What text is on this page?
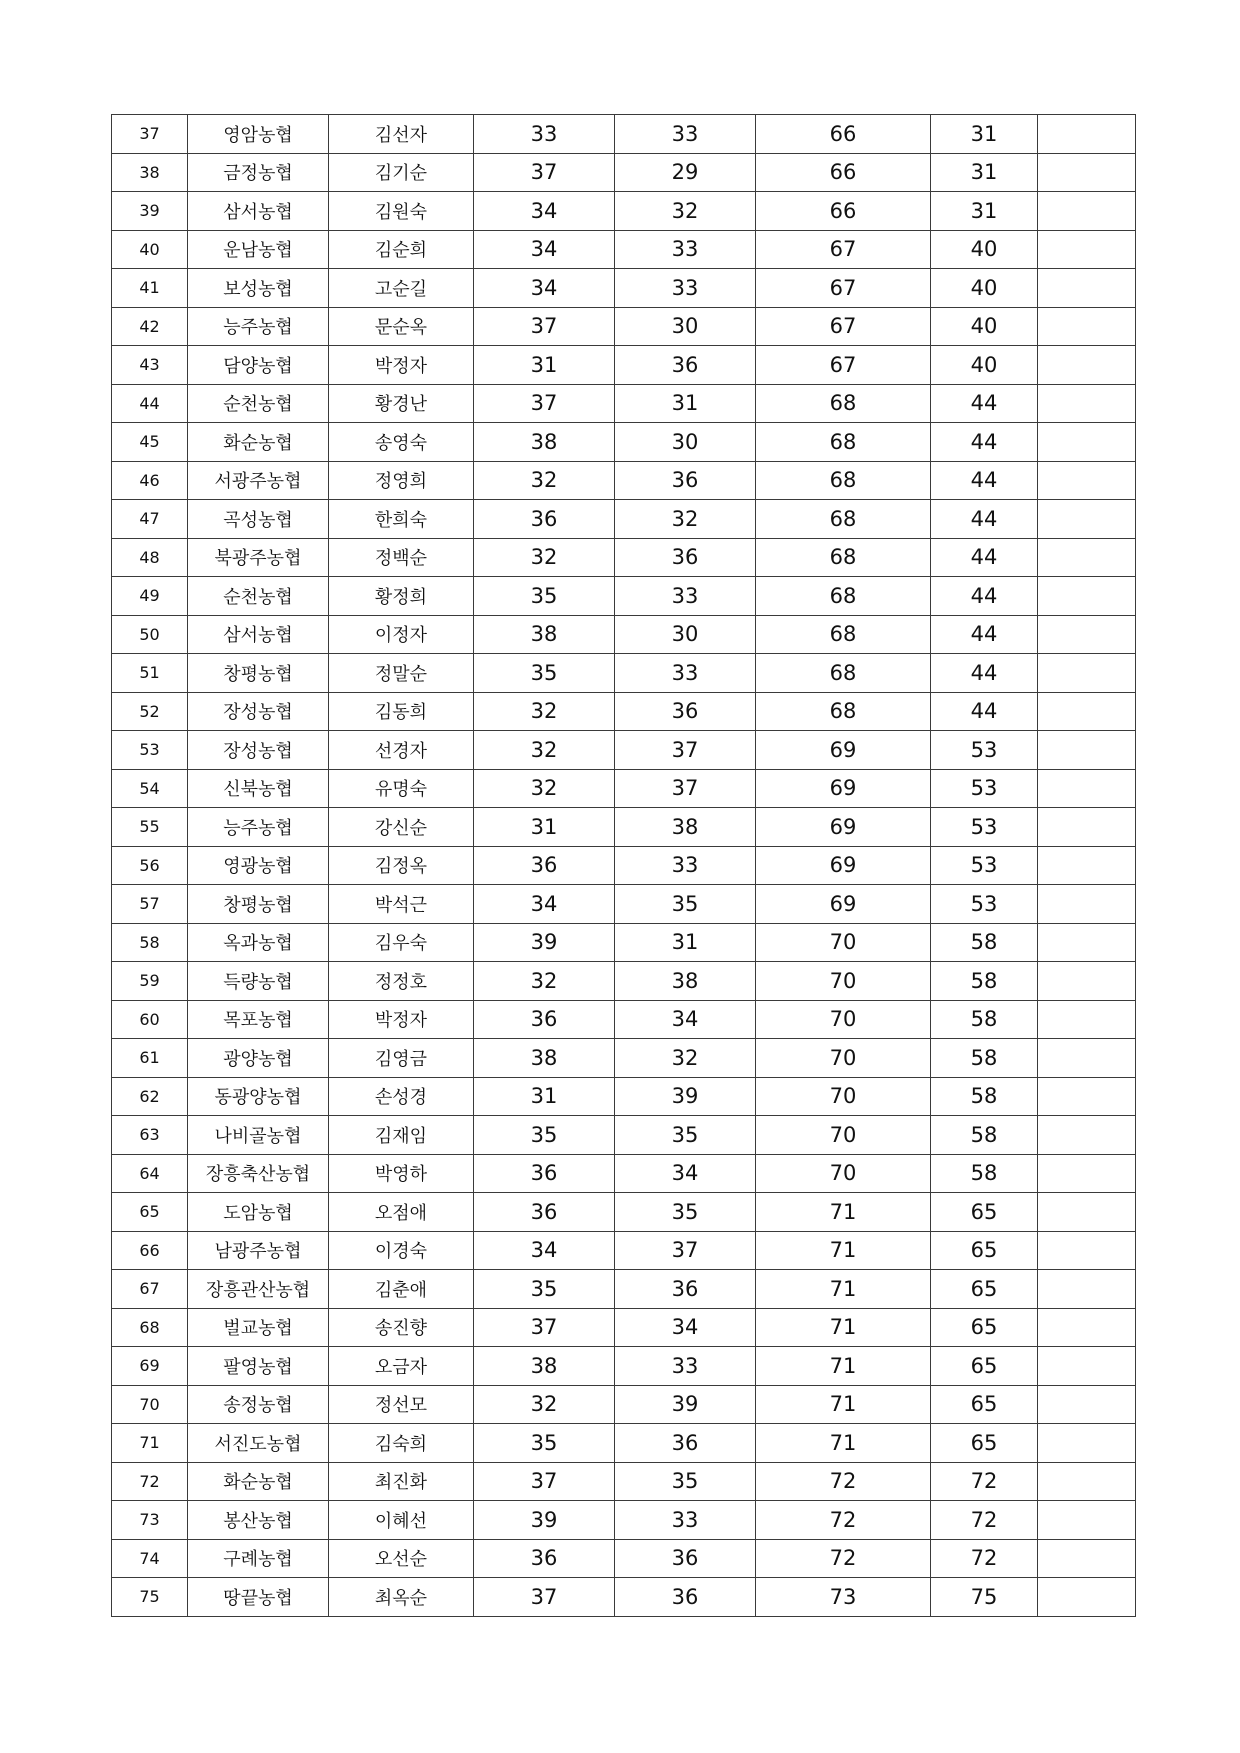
37	영암농협	김선자	33	33	66	31	
38	금정농협	김기순	37	29	66	31	
39	삼서농협	김원숙	34	32	66	31	
40	운남농협	김순희	34	33	67	40	
41	보성농협	고순길	34	33	67	40	
42	능주농협	문순옥	37	30	67	40	
43	담양농협	박정자	31	36	67	40	
44	순천농협	황경난	37	31	68	44	
45	화순농협	송영숙	38	30	68	44	
46	서광주농협	정영희	32	36	68	44	
47	곡성농협	한희숙	36	32	68	44	
48	북광주농협	정백순	32	36	68	44	
49	순천농협	황정희	35	33	68	44	
50	삼서농협	이정자	38	30	68	44	
51	창평농협	정말순	35	33	68	44	
52	장성농협	김동희	32	36	68	44	
53	장성농협	선경자	32	37	69	53	
54	신북농협	유명숙	32	37	69	53	
55	능주농협	강신순	31	38	69	53	
56	영광농협	김정옥	36	33	69	53	
57	창평농협	박석근	34	35	69	53	
58	옥과농협	김우숙	39	31	70	58	
59	득량농협	정정호	32	38	70	58	
60	목포농협	박정자	36	34	70	58	
61	광양농협	김영금	38	32	70	58	
62	동광양농협	손성경	31	39	70	58	
63	나비골농협	김재임	35	35	70	58	
64	장흥축산농협	박영하	36	34	70	58	
65	도암농협	오점애	36	35	71	65	
66	남광주농협	이경숙	34	37	71	65	
67	장흥관산농협	김춘애	35	36	71	65	
68	벌교농협	송진향	37	34	71	65	
69	팔영농협	오금자	38	33	71	65	
70	송정농협	정선모	32	39	71	65	
71	서진도농협	김숙희	35	36	71	65	
72	화순농협	최진화	37	35	72	72	
73	봉산농협	이혜선	39	33	72	72	
74	구례농협	오선순	36	36	72	72	
75	땅끝농협	최옥순	37	36	73	75	
